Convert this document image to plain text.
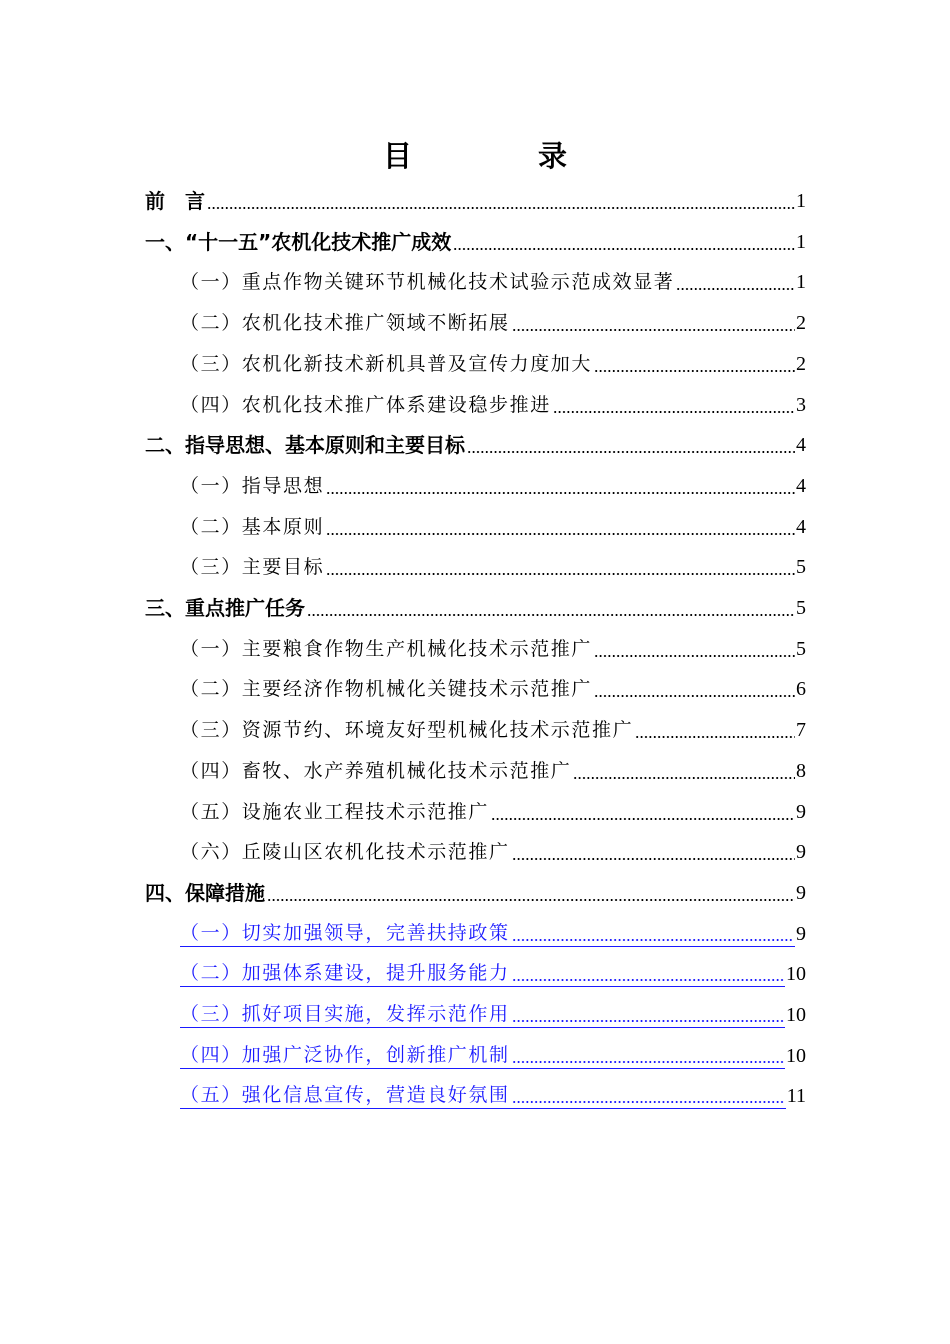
目 录
前　言	1
一、“十一五”农机化技术推广成效	1
（一）重点作物关键环节机械化技术试验示范成效显著	1
（二）农机化技术推广领域不断拓展	2
（三）农机化新技术新机具普及宣传力度加大	2
（四）农机化技术推广体系建设稳步推进	3
二、指导思想、基本原则和主要目标	4
（一）指导思想	4
（二）基本原则	4
（三）主要目标	5
三、重点推广任务	5
（一）主要粮食作物生产机械化技术示范推广	5
（二）主要经济作物机械化关键技术示范推广	6
（三）资源节约、环境友好型机械化技术示范推广	7
（四）畜牧、水产养殖机械化技术示范推广	8
（五）设施农业工程技术示范推广	9
（六）丘陵山区农机化技术示范推广	9
四、保障措施	9
（一）切实加强领导，完善扶持政策	9
（二）加强体系建设，提升服务能力	10
（三）抓好项目实施，发挥示范作用	10
（四）加强广泛协作，创新推广机制	10
（五）强化信息宣传，营造良好氛围	11
